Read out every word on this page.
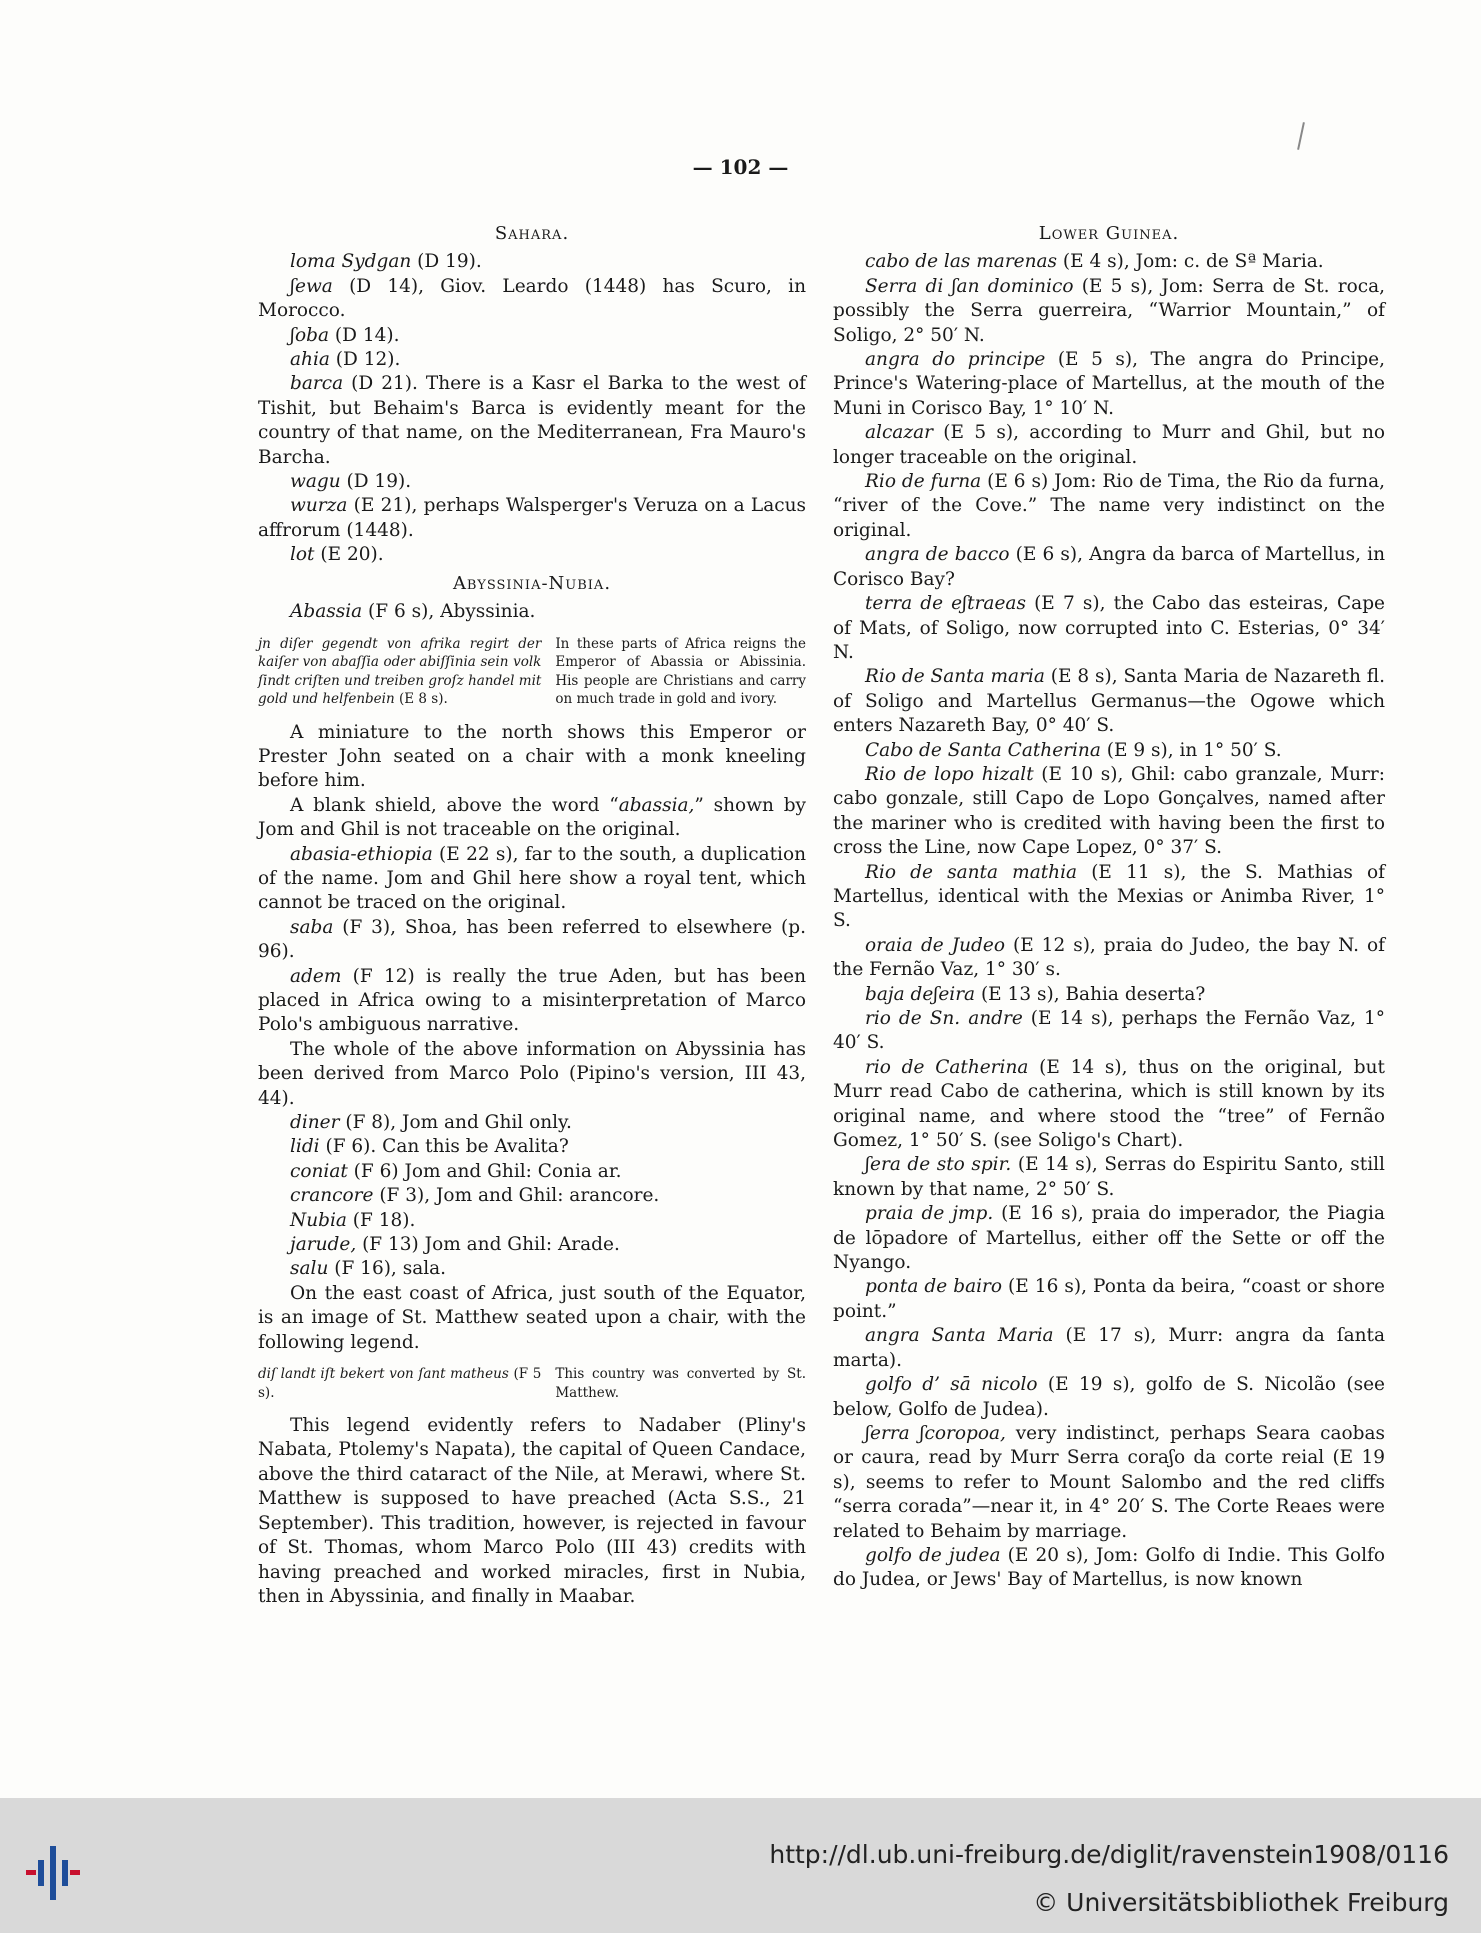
— 102 —
Sahara.

loma Sydgan (D 19).

ʃewa (D 14), Giov. Leardo (1448) has Scuro, in Morocco.

ʃoba (D 14).

ahia (D 12).

barca (D 21). There is a Kasr el Barka to the west of Tishit, but Behaim's Barca is evidently meant for the country of that name, on the Mediterranean, Fra Mauro's Barcha.

wagu (D 19).

wurza (E 21), perhaps Walsperger's Veruza on a Lacus affrorum (1448).

lot (E 20).

Abyssinia-Nubia.

Abassia (F 6 s), Abyssinia.

jn diſer gegendt von afrika regirt der kaiſer von abaſſia oder abiſſinia sein volk ſindt criſten und treiben groſz handel mit gold und helfenbein (E 8 s).
In these parts of Africa reigns the Emperor of Abassia or Abissinia. His people are Christians and carry on much trade in gold and ivory.

A miniature to the north shows this Emperor or Prester John seated on a chair with a monk kneeling before him.

A blank shield, above the word “abassia,” shown by Jom and Ghil is not traceable on the original.

abasia-ethiopia (E 22 s), far to the south, a duplication of the name. Jom and Ghil here show a royal tent, which cannot be traced on the original.

saba (F 3), Shoa, has been referred to elsewhere (p. 96).

adem (F 12) is really the true Aden, but has been placed in Africa owing to a misinterpretation of Marco Polo's ambiguous narrative.

The whole of the above information on Abyssinia has been derived from Marco Polo (Pipino's version, III 43, 44).

diner (F 8), Jom and Ghil only.

lidi (F 6). Can this be Avalita?

coniat (F 6) Jom and Ghil: Conia ar.

crancore (F 3), Jom and Ghil: arancore.

Nubia (F 18).

jarude, (F 13) Jom and Ghil: Arade.

salu (F 16), sala.

On the east coast of Africa, just south of the Equator, is an image of St. Matthew seated upon a chair, with the following legend.

diſ landt iſt bekert von ſant matheus (F 5 s).
This country was converted by St. Matthew.

This legend evidently refers to Nadaber (Pliny's Nabata, Ptolemy's Napata), the capital of Queen Candace, above the third cataract of the Nile, at Merawi, where St. Matthew is supposed to have preached (Acta S.S., 21 September). This tradition, however, is rejected in favour of St. Thomas, whom Marco Polo (III 43) credits with having preached and worked miracles, first in Nubia, then in Abyssinia, and finally in Maabar.

Lower Guinea.

cabo de las marenas (E 4 s), Jom: c. de Sª Maria.

Serra di ʃan dominico (E 5 s), Jom: Serra de St. roca, possibly the Serra guerreira, “Warrior Mountain,” of Soligo, 2° 50′ N.

angra do principe (E 5 s), The angra do Principe, Prince's Watering-place of Martellus, at the mouth of the Muni in Corisco Bay, 1° 10′ N.

alcazar (E 5 s), according to Murr and Ghil, but no longer traceable on the original.

Rio de furna (E 6 s) Jom: Rio de Tima, the Rio da furna, “river of the Cove.” The name very indistinct on the original.

angra de bacco (E 6 s), Angra da barca of Martellus, in Corisco Bay?

terra de eʃtraeas (E 7 s), the Cabo das esteiras, Cape of Mats, of Soligo, now corrupted into C. Esterias, 0° 34′ N.

Rio de Santa maria (E 8 s), Santa Maria de Nazareth fl. of Soligo and Martellus Germanus—the Ogowe which enters Nazareth Bay, 0° 40′ S.

Cabo de Santa Catherina (E 9 s), in 1° 50′ S.

Rio de lopo hizalt (E 10 s), Ghil: cabo granzale, Murr: cabo gonzale, still Capo de Lopo Gonçalves, named after the mariner who is credited with having been the first to cross the Line, now Cape Lopez, 0° 37′ S.

Rio de santa mathia (E 11 s), the S. Mathias of Martellus, identical with the Mexias or Animba River, 1° S.

oraia de Judeo (E 12 s), praia do Judeo, the bay N. of the Fernão Vaz, 1° 30′ s.

baja deʃeira (E 13 s), Bahia deserta?

rio de Sn. andre (E 14 s), perhaps the Fernão Vaz, 1° 40′ S.

rio de Catherina (E 14 s), thus on the original, but Murr read Cabo de catherina, which is still known by its original name, and where stood the “tree” of Fernão Gomez, 1° 50′ S. (see Soligo's Chart).

ʃera de sto spir. (E 14 s), Serras do Espiritu Santo, still known by that name, 2° 50′ S.

praia de jmp. (E 16 s), praia do imperador, the Piagia de lōpadore of Martellus, either off the Sette or off the Nyango.

ponta de bairo (E 16 s), Ponta da beira, “coast or shore point.”

angra Santa Maria (E 17 s), Murr: angra da ſanta marta).

golfo d’ sā nicolo (E 19 s), golfo de S. Nicolão (see below, Golfo de Judea).

ʃerra ʃcoropoa, very indistinct, perhaps Seara caobas or caura, read by Murr Serra coraʃo da corte reial (E 19 s), seems to refer to Mount Salombo and the red cliffs “serra corada”—near it, in 4° 20′ S. The Corte Reaes were related to Behaim by marriage.

golfo de judea (E 20 s), Jom: Golfo di Indie. This Golfo do Judea, or Jews' Bay of Martellus, is now known

http://dl.ub.uni-freiburg.de/diglit/ravenstein1908/0116
© Universitätsbibliothek Freiburg
